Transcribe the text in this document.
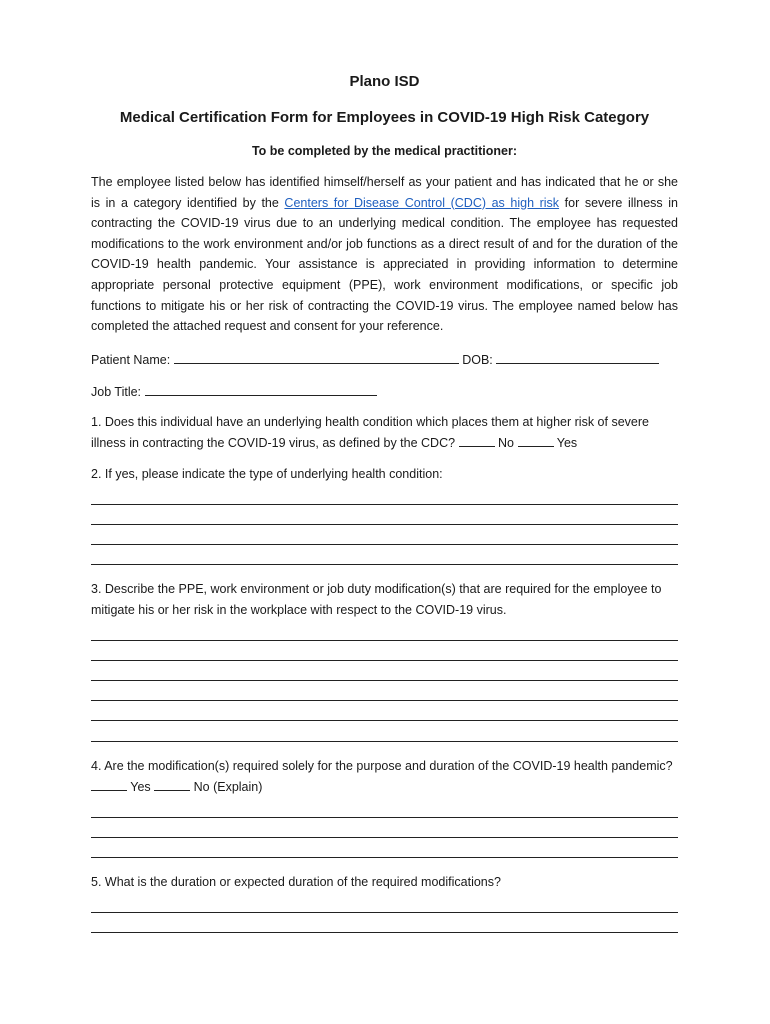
Plano ISD

Medical Certification Form for Employees in COVID-19 High Risk Category

To be completed by the medical practitioner:

The employee listed below has identified himself/herself as your patient and has indicated that he or she is in a category identified by the Centers for Disease Control (CDC) as high risk for severe illness in contracting the COVID-19 virus due to an underlying medical condition. The employee has requested modifications to the work environment and/or job functions as a direct result of and for the duration of the COVID-19 health pandemic. Your assistance is appreciated in providing information to determine appropriate personal protective equipment (PPE), work environment modifications, or specific job functions to mitigate his or her risk of contracting the COVID-19 virus. The employee named below has completed the attached request and consent for your reference.

Patient Name:	DOB:

Job Title:

1. Does this individual have an underlying health condition which places them at higher risk of severe illness in contracting the COVID-19 virus, as defined by the CDC?	No	Yes

2. If yes, please indicate the type of underlying health condition:

3. Describe the PPE, work environment or job duty modification(s) that are required for the employee to mitigate his or her risk in the workplace with respect to the COVID-19 virus.

4. Are the modification(s) required solely for the purpose and duration of the COVID-19 health pandemic?  Yes	No (Explain)

5. What is the duration or expected duration of the required modifications?
